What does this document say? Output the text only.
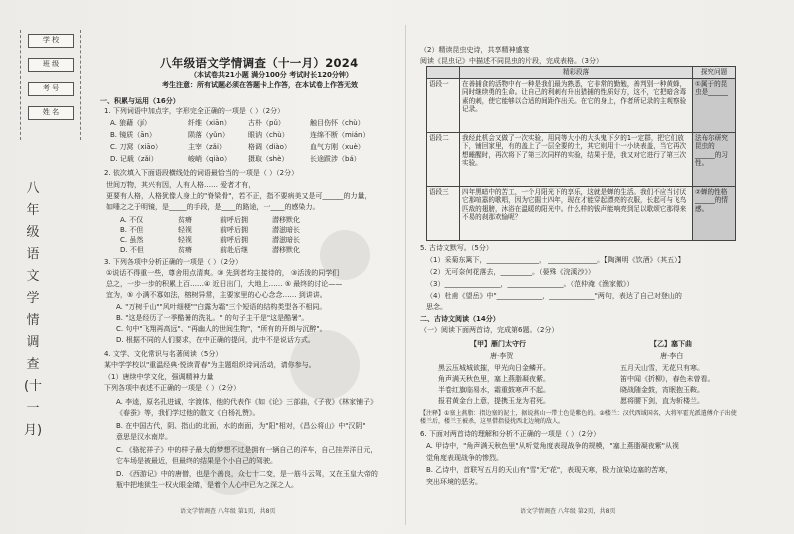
学 校
班 级
考 号
姓 名
八
年
级
语
文
学
情
调
查
(十
一
月)
八年级语文学情调查（十一月）2024
（本试卷共21小题 满分100分 考试时长120分钟）
考生注意：所有试题必须在答题卡上作答，在本试卷上作答无效
一、积累与运用（16分）
1. 下列词语中加点字，字形完全正确的一项是（ ）（2分）
A. 狼藉（jí）	纤维（xiān） 古朴（pǔ）	触目伤怀（chù）
B. 镜质（ān）	陨落（yǔn）	眼讷（chù）	连绵不断（mián）
C. 刀窝（xiāo）	主宰（zǎi）	格调（diào）	血气方刚（xuè）
D. 记载（zǎi）	峻峭（qiào） 摄取（shè）	长途跋涉（bá）
2. 依次填入下面语段横线处的词语最恰当的一项是（ ）（2分）
世间万物，其兴有因，人有人格…… 爱者才有，
更要有人格，人格犹像人身上的"脊梁骨"，若不正，指不要病美又是可______的力量，
如唾之之于明镜，是_____的手段，是____的路途，一____的感染力。
A. 不仅	贫瘠	前呼后拥	潜移默化
B. 不但	轻视	前呼后拥	潜滋暗长
C. 虽然	轻视	前呼后拥	潜滋暗长
D. 不但	贫瘠	前赴后继	潜移默化
3. 下列各项中分析正确的一项是（ ）（2分）
①说话不得重一些，尊舍用点清爽。③ 先到者均主接待的， ③活泼的同学们
总之，一步一步的积累上百……④ 近日出门，大地上…… ⑤ 最终的讨论——
宜为，⑤ 小满不寡如法，榕树异常，主要家里的心心念念…… 到讲讲。
A. "万树千山""风叶细梗""白露为霜"三个短语的结构类型各不相同。
B. "这是经历了一季酷暑的洗礼。" 的句子主干是"这是酷暑"。
C. 句中"飞翔再高远"、"再幽人的世间生物"，"所有的开朗与沉醉"。
D. 根据不同的人们要求，在中正确的提问，此中不是说话方式。
4. 文学、文化常识与名著阅读（5分）
某中学学校以"重温经典·悦读青春"为主题组织诗词活动，请你参与。
（1）唐续中学文化，强调精神力量
下列各项中表述不正确的一项是（ ）（2分）
A. 李逵，原名孔进诚，字渡体，他的代表作《如《论》三部曲，《子夜》《林家铺子》
《春蚕》等，我们学过他的散文《白杨礼赞》。
B. 在中国古代，阴、指山的北面，水的南面，为"阳"相对，《昌公将山》中"汉阴"
意思是汉水南岸。
C. 《骆驼祥子》中的样子最大的梦想不过是拥有一辆自己的洋车，自己挂弄洋日元，
它车场是被最近，但最终的结果是个小自己的驾驶。
D. 《西游记》中的唐僧，也是个善良，众七十二变，是一筋斗云驾，又在玉皇大帝的
瓶中把地狱生一权火眼金睛，是着个人心中已为之深之人。
语文学情调查 八年级 第1页，共8页
（2）精读昆虫史诗，共享精神盛宴
阅读《昆虫记》中描述不同昆虫的片段，完成表格。（3分）
	精彩段落	探究问题
语段一	在善捕食的活物中有一种是我们最为熟悉，它非常的勤勉，善判别一种黄蜂，同时继续勇的生命。让自己的利刺有升出猎捕的性质好方，这不，它把暗含毒素的刺，使它能够以合适的间距作出关。在它的身上，作者所记录的主观察验记录。	①属于的昆虫是______
语段二	我经此机会又做了一次实验，用同等大小的大头鬼下夕的1一定群，把它们放下，铺回家里，有的盖上了一层全要的土，其它则用十一小块表盖，当它再次想睡醒时，再次将下了第三次同样的实验，结果于是，我又对它进行了第三次实验。	法布尔研究昆虫的______的习性。
语段三	四年黑暗中的苦工，一个月阳光下的享乐，这就是蝉的生活。我们不应当讨厌它那喧嚣的歌唱，因为它掘土四年，现在才能穿起漂亮的衣服，长起可与飞鸟匹敌的翅膀，沐浴在温暖的阳光中。什么样的钹声能响亮到足以歌颂它那得来不易的刹那欢愉呢？	②蝉的性格______的情感。
5. 古诗文默写。（5分）
（1）采菊东篱下，_______________， ______________。【陶渊明《饮酒》（其五）】
（2）无可奈何花落去，_________。（晏殊《浣溪沙》）
（3）________________，________________。（范仲淹《渔家傲》）
（4）杜甫《望岳》中"_____________，_____________"两句，表达了自己对登山的
思念。
二、古诗文阅读（14分）
（一）阅读下面两首诗，完成第6题。（2分）
【甲】雁门太守行
唐·李贺
黑云压城城欲摧，甲光向日金鳞开。
角声满天秋色里，塞上燕脂凝夜紫。
半卷红旗临易水，霜重鼓寒声不起。
报君黄金台上意，提携玉龙为君死。
【乙】塞下曲
唐·李白
五月天山雪，无花只有寒。
笛中闻《折柳》，春色未曾看。
晓战随金鼓，宵眠抱玉鞍。
愿将腰下剑，直为斩楼兰。
【注释】①塞上燕脂：指边塞的泥土，据说燕山一带土色是紫色的。②楼兰：汉代西域国名，大将军霍光派遣傅介子出使楼兰后，楼兰王被杀，这里借指侵扰西北边境的敌人。
6. 下面对两首诗的理解和分析不正确的一项是（ ）（2分）
A. 甲诗中，"角声满天秋色里"从听觉角度表现战争的规模，"塞上燕脂凝夜紫"从视
觉角度表现战争的惨烈。
B. 乙诗中，首联写五月的天山有"雪"无"花"，表现天寒，极力渲染边塞的苦寒，
突出环境的恶劣。
语文学情调查 八年级 第2页，共8页
